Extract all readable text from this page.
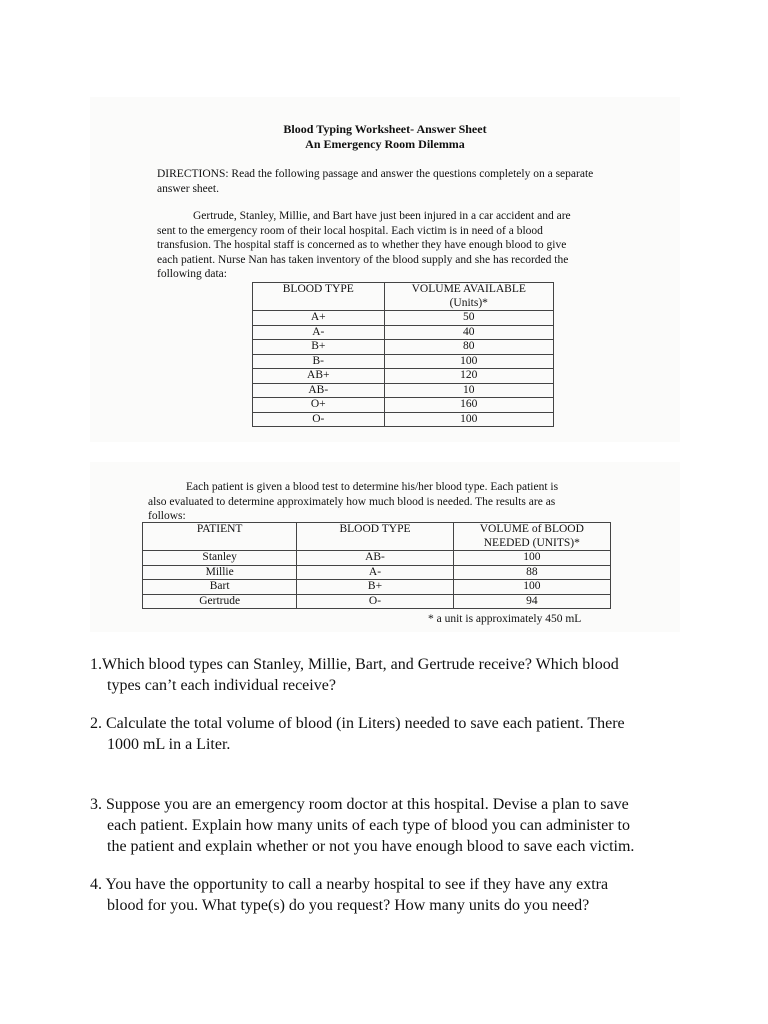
Blood Typing Worksheet- Answer Sheet
An Emergency Room Dilemma
DIRECTIONS: Read the following passage and answer the questions completely on a separate answer sheet.
Gertrude, Stanley, Millie, and Bart have just been injured in a car accident and are
sent to the emergency room of their local hospital. Each victim is in need of a blood
transfusion. The hospital staff is concerned as to whether they have enough blood to give
each patient. Nurse Nan has taken inventory of the blood supply and she has recorded the
following data:
BLOOD TYPE	VOLUME AVAILABLE
(Units)*

A+	50
A-	40
B+	80
B-	100
AB+	120
AB-	10
O+	160
O-	100
Each patient is given a blood test to determine his/her blood type. Each patient is
also evaluated to determine approximately how much blood is needed. The results are as
follows:
PATIENT	BLOOD TYPE	VOLUME of BLOOD
NEEDED (UNITS)*

Stanley	AB-	100
Millie	A-	88
Bart	B+	100
Gertrude	O-	94
* a unit is approximately 450 mL
1.Which blood types can Stanley, Millie, Bart, and Gertrude receive? Which blood
types can’t each individual receive?
2. Calculate the total volume of blood (in Liters) needed to save each patient. There
1000 mL in a Liter.
3. Suppose you are an emergency room doctor at this hospital. Devise a plan to save
each patient. Explain how many units of each type of blood you can administer to
the patient and explain whether or not you have enough blood to save each victim.
4. You have the opportunity to call a nearby hospital to see if they have any extra
blood for you. What type(s) do you request? How many units do you need?
